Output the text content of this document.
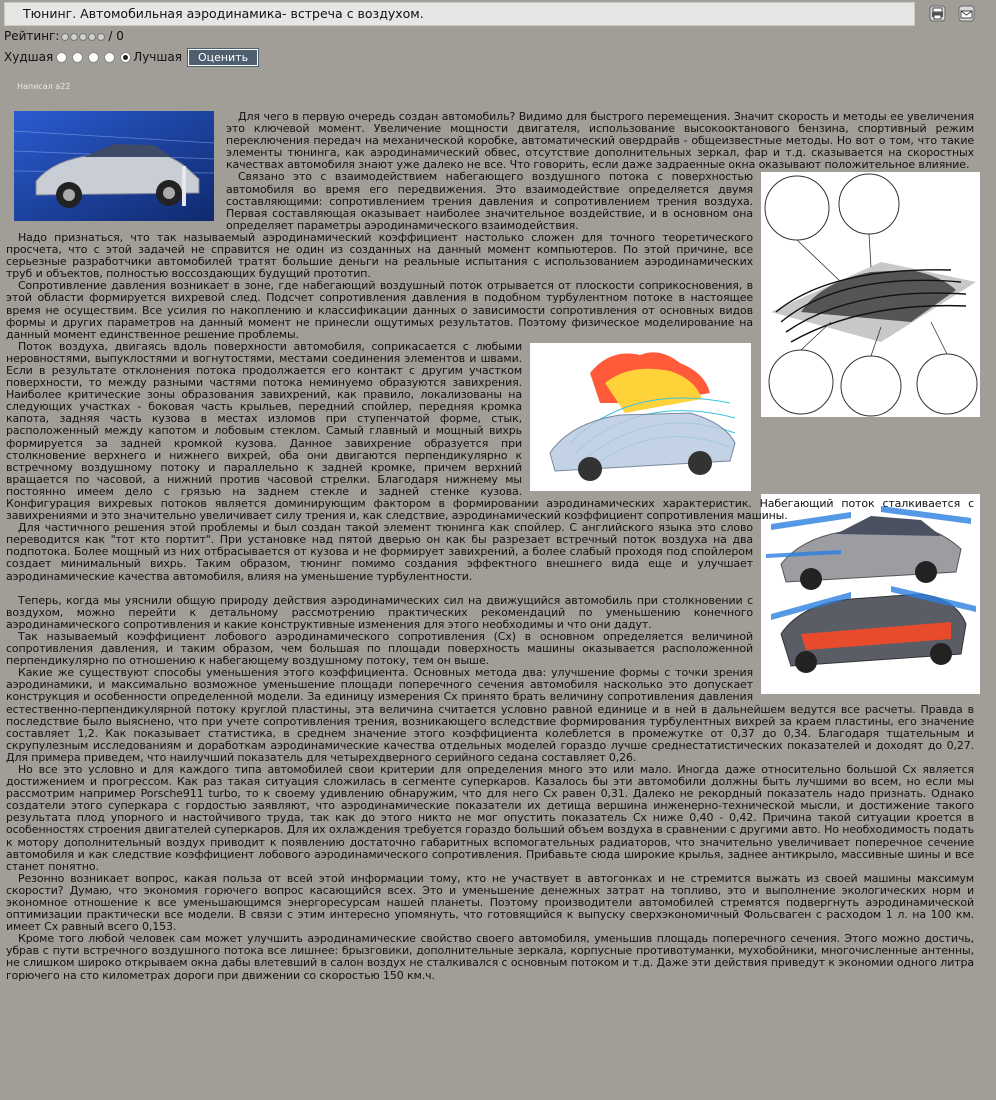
Тюнинг. Автомобильная аэродинамика- встреча с воздухом.
Рейтинг:	/ 0
Худшая	Лучшая	Оценить
Написал a22

Для чего в первую очередь создан автомобиль? Видимо для быстрого перемещения. Значит скорость и методы ее увеличения это ключевой момент. Увеличение мощности двигателя, использование высокооктанового бензина, спортивный режим переключения передач на механической коробке, автоматический овердрайв - общеизвестные методы. Но вот о том, что такие элементы тюнинга, как аэродинамический обвес, отсутствие дополнительных зеркал, фар и т.д. сказывается на скоростных качествах автомобиля знают уже далеко не все. Что говорить, если даже задраенные окна оказывают положительное влияние.

Связано это с взаимодействием набегающего воздушного потока с поверхностью автомобиля во время его передвижения. Это взаимодействие определяется двумя составляющими: сопротивлением трения давления и сопротивлением трения воздуха. Первая составляющая оказывает наиболее значительное воздействие, и в основном она определяет параметры аэродинамического взаимодействия.

Надо признаться, что так называемый аэродинамический коэффициент настолько сложен для точного теоретического просчета, что с этой задачей не справится не один из созданных на данный момент компьютеров. По этой причине, все серьезные разработчики автомобилей тратят большие деньги на реальные испытания с использованием аэродинамических труб и объектов, полностью воссоздающих будущий прототип.

Сопротивление давления возникает в зоне, где набегающий воздушный поток отрывается от плоскости соприкосновения, в этой области формируется вихревой след. Подсчет сопротивления давления в подобном турбулентном потоке в настоящее время не осуществим. Все усилия по накоплению и классификации данных о зависимости сопротивления от основных видов формы и других параметров на данный момент не принесли ощутимых результатов. Поэтому физическое моделирование на данный момент единственное решение проблемы.

Поток воздуха, двигаясь вдоль поверхности автомобиля, соприкасается с любыми неровностями, выпуклостями и вогнутостями, местами соединения элементов и швами. Если в результате отклонения потока продолжается его контакт с другим участком поверхности, то между разными частями потока неминуемо образуются завихрения. Наиболее критические зоны образования завихрений, как правило, локализованы на следующих участках - боковая часть крыльев, передний спойлер, передняя кромка капота, задняя часть кузова в местах изломов при ступенчатой форме, стык, расположенный между капотом и лобовым стеклом. Самый главный и мощный вихрь формируется за задней кромкой кузова. Данное завихрение образуется при столкновение верхнего и нижнего вихрей, оба они двигаются перпендикулярно к встречному воздушному потоку и параллельно к задней кромке, причем верхний вращается по часовой, а нижний против часовой стрелки. Благодаря нижнему мы постоянно имеем дело с грязью на заднем стекле и задней стенке кузова. Конфигурация вихревых потоков является доминирующим фактором в формировании аэродинамических характеристик. Набегающий поток сталкивается с завихрениями и это значительно увеличивает силу трения и, как следствие, аэродинамический коэффициент сопротивления машины.

Для частичного решения этой проблемы и был создан такой элемент тюнинга как спойлер. С английского языка это слово переводится как "тот кто портит". При установке над пятой дверью он как бы разрезает встречный поток воздуха на два подпотока. Более мощный из них отбрасывается от кузова и не формирует завихрений, а более слабый проходя под спойлером создает минимальный вихрь. Таким образом, тюнинг помимо создания эффектного внешнего вида еще и улучшает аэродинамические качества автомобиля, влияя на уменьшение турбулентности.

Теперь, когда мы уяснили общую природу действия аэродинамических сил на движущийся автомобиль при столкновении с воздухом, можно перейти к детальному рассмотрению практических рекомендаций по уменьшению конечного аэродинамического сопротивления и какие конструктивные изменения для этого необходимы и что они дадут.

Так называемый коэффициент лобового аэродинамического сопротивления (Cx) в основном определяется величиной сопротивления давления, и таким образом, чем большая по площади поверхность машины оказывается расположенной перпендикулярно по отношению к набегающему воздушному потоку, тем он выше.

Какие же существуют способы уменьшения этого коэффициента. Основных метода два: улучшение формы с точки зрения аэродинамики, и максимально возможное уменьшение площади поперечного сечения автомобиля насколько это допускает конструкция и особенности определенной модели. За единицу измерения Cx принято брать величину сопротивления давления естественно-перпендикулярной потоку круглой пластины, эта величина считается условно равной единице и в ней в дальнейшем ведутся все расчеты. Правда в последствие было выяснено, что при учете сопротивления трения, возникающего вследствие формирования турбулентных вихрей за краем пластины, его значение составляет 1,2. Как показывает статистика, в среднем значение этого коэффициента колеблется в промежутке от 0,37 до 0,34. Благодаря тщательным и скрупулезным исследованиям и доработкам аэродинамические качества отдельных моделей гораздо лучше среднестатистических показателей и доходят до 0,27. Для примера приведем, что наилучший показатель для четырехдверного серийного седана составляет 0,26.

Но все это условно и для каждого типа автомобилей свои критерии для определения много это или мало. Иногда даже относительно большой Cx является достижением и прогрессом. Как раз такая ситуация сложилась в сегменте суперкаров. Казалось бы эти автомобили должны быть лучшими во всем, но если мы рассмотрим например Porsche911 turbo, то к своему удивлению обнаружим, что для него Cx равен 0,31. Далеко не рекордный показатель надо признать. Однако создатели этого суперкара с гордостью заявляют, что аэродинамические показатели их детища вершина инженерно-технической мысли, и достижение такого результата плод упорного и настойчивого труда, так как до этого никто не мог опустить показатель Cx ниже 0,40 - 0,42. Причина такой ситуации кроется в особенностях строения двигателей суперкаров. Для их охлаждения требуется гораздо больший объем воздуха в сравнении с другими авто. Но необходимость подать к мотору дополнительный воздух приводит к появлению достаточно габаритных вспомогательных радиаторов, что значительно увеличивает поперечное сечение автомобиля и как следствие коэффициент лобового аэродинамического сопротивления. Прибавьте сюда широкие крылья, заднее антикрыло, массивные шины и все станет понятно.

Резонно возникает вопрос, какая польза от всей этой информации тому, кто не участвует в автогонках и не стремится выжать из своей машины максимум скорости? Думаю, что экономия горючего вопрос касающийся всех. Это и уменьшение денежных затрат на топливо, это и выполнение экологических норм и экономное отношение к все уменьшающимся энергоресурсам нашей планеты. Поэтому производители автомобилей стремятся подвергнуть аэродинамической оптимизации практически все модели. В связи с этим интересно упомянуть, что готовящийся к выпуску сверхэкономичный Фольсваген с расходом 1 л. на 100 км. имеет Cx равный всего 0,153.

Кроме того любой человек сам может улучшить аэродинамические свойство своего автомобиля, уменьшив площадь поперечного сечения. Этого можно достичь, убрав с пути встречного воздушного потока все лишнее: брызговики, дополнительные зеркала, корпусные противотуманки, мухобойники, многочисленные антенны, не слишком широко открываем окна дабы влетевший в салон воздух не сталкивался с основным потоком и т.д. Даже эти действия приведут к экономии одного литра горючего на сто километрах дороги при движении со скоростью 150 км.ч.
